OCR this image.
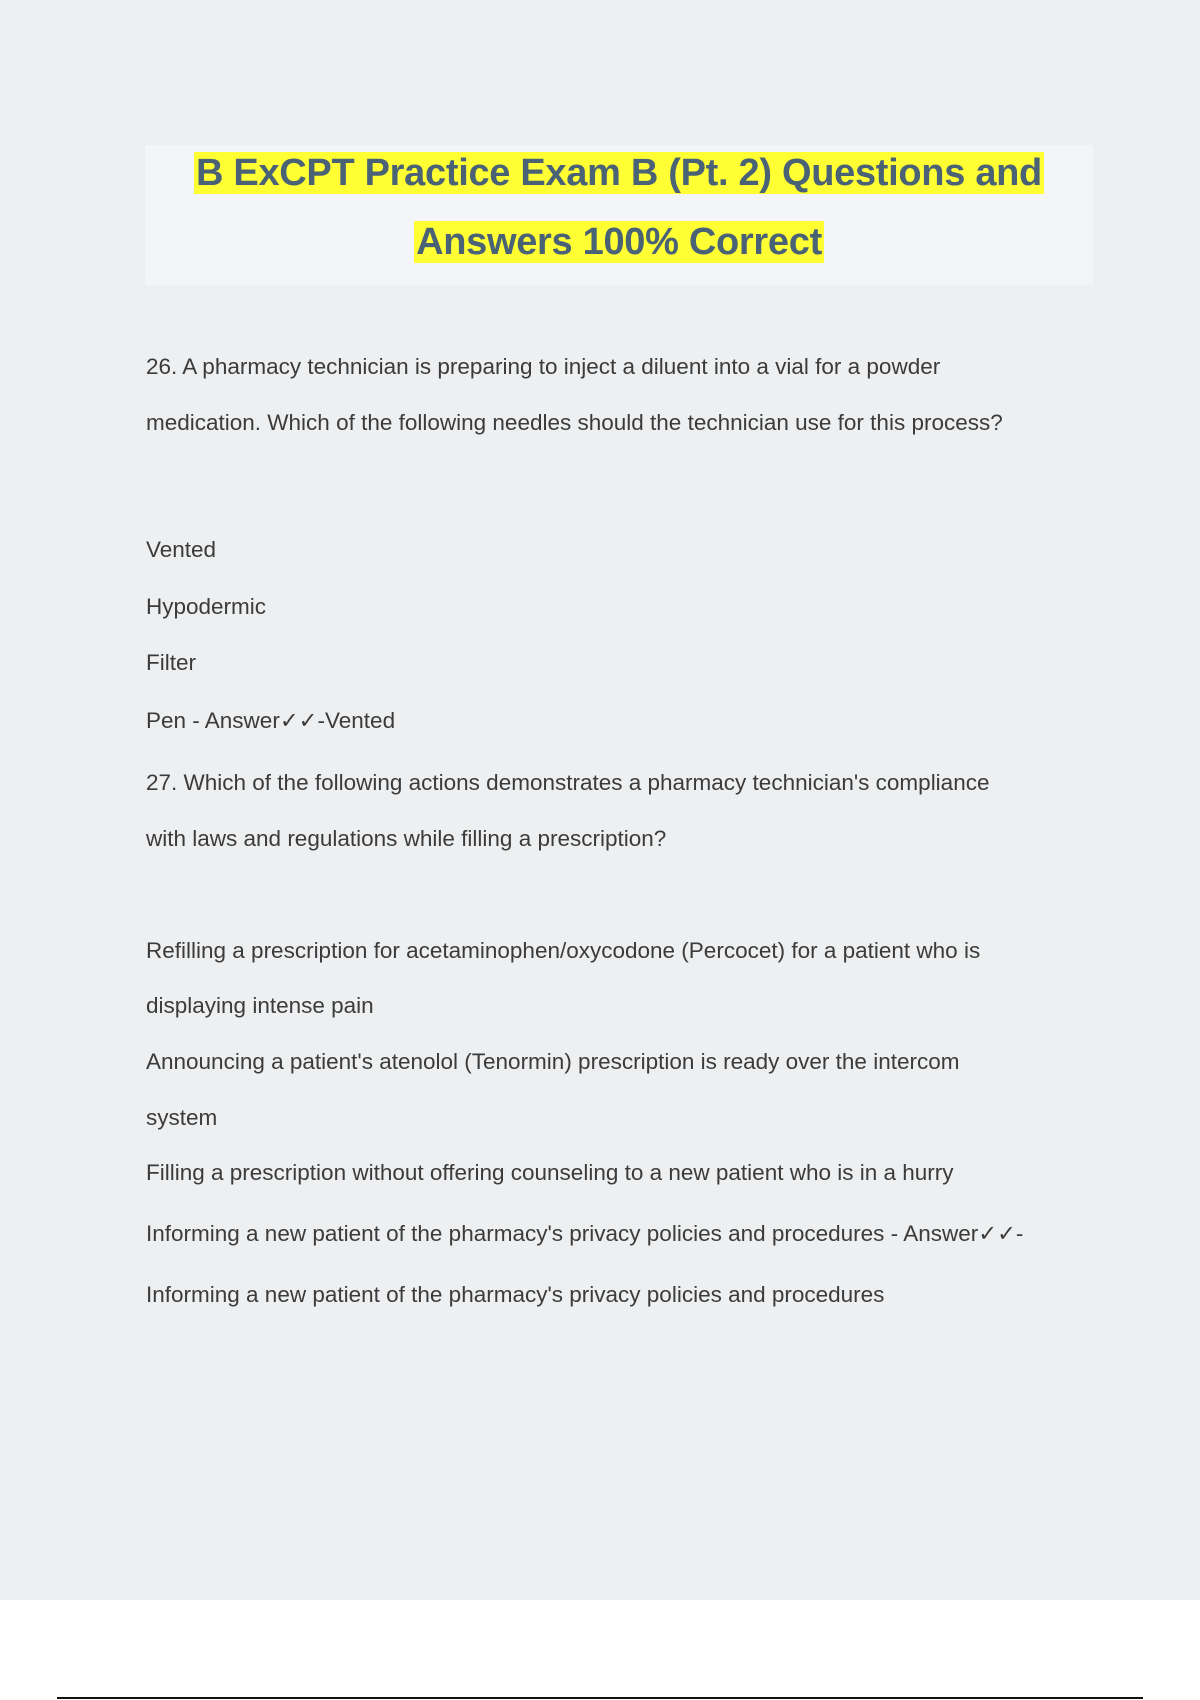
B ExCPT Practice Exam B (Pt. 2) Questions and
Answers 100% Correct
26. A pharmacy technician is preparing to inject a diluent into a vial for a powder
medication. Which of the following needles should the technician use for this process?
Vented
Hypodermic
Filter
Pen - Answer✓✓-Vented
27. Which of the following actions demonstrates a pharmacy technician's compliance
with laws and regulations while filling a prescription?
Refilling a prescription for acetaminophen/oxycodone (Percocet) for a patient who is
displaying intense pain
Announcing a patient's atenolol (Tenormin) prescription is ready over the intercom
system
Filling a prescription without offering counseling to a new patient who is in a hurry
Informing a new patient of the pharmacy's privacy policies and procedures - Answer✓✓-
Informing a new patient of the pharmacy's privacy policies and procedures
